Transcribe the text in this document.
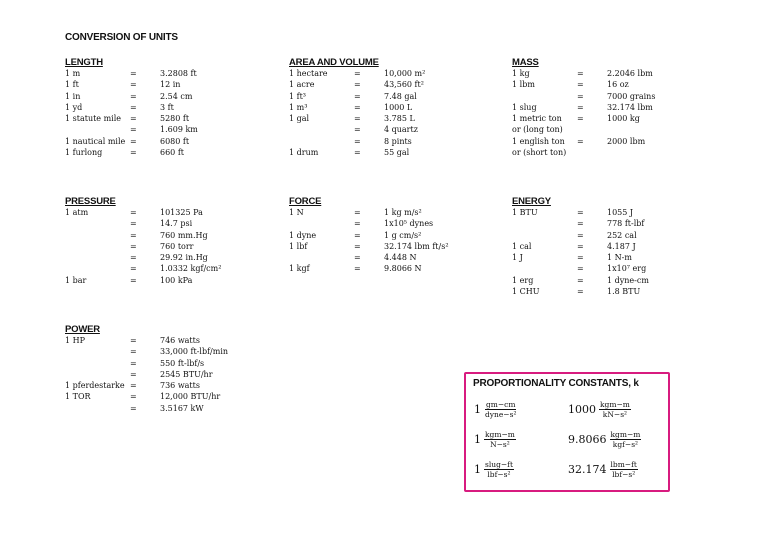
CONVERSION OF UNITS
LENGTH
1 m	=	3.2808 ft
1 ft	=	12 in
1 in	=	2.54 cm
1 yd	=	3 ft
1 statute mile	=	5280 ft
=	1.609 km
1 nautical mile =	6080 ft
1 furlong	=	660 ft
AREA AND VOLUME
1 hectare	=	10,000 m²
1 acre	=	43,560 ft²
1 ft³	=	7.48 gal
1 m³	=	1000 L
1 gal	=	3.785 L
=	4 quartz
=	8 pints
1 drum	=	55 gal
MASS
1 kg	=	2.2046 lbm
1 lbm	=	16 oz
=	7000 grains
1 slug	=	32.174 lbm
1 metric ton	=	1000 kg
or (long ton)
1 english ton	=	2000 lbm
or (short ton)
PRESSURE
1 atm	=	101325 Pa
=	14.7 psi
=	760 mm.Hg
=	760 torr
=	29.92 in.Hg
=	1.0332 kgf/cm²
1 bar	=	100 kPa
FORCE
1 N	=	1 kg m/s²
=	1x10⁵ dynes
1 dyne	=	1 g cm/s²
1 lbf	=	32.174 lbm ft/s²
=	4.448 N
1 kgf	=	9.8066 N
ENERGY
1 BTU	=	1055 J
=	778 ft-lbf
=	252 cal
1 cal	=	4.187 J
1 J	=	1 N-m
=	1x10⁷ erg
1 erg	=	1 dyne-cm
1 CHU	=	1.8 BTU
POWER
1 HP	=	746 watts
=	33,000 ft-lbf/min
=	550 ft-lbf/s
=	2545 BTU/hr
1 pferdestarke =	736 watts
1 TOR	=	12,000 BTU/hr
=	3.5167 kW
PROPORTIONALITY CONSTANTS, k
$1 \frac{gm-cm}{\text{dyne−s²}}$	$1000 \frac{\text{kgm−m}}{\text{kN−s²}}$
$1 \frac{\text{kgm−m}}{\text{N−s²}}$	$9.8066 \frac{\text{kgm−m}}{\text{kgf−s²}}$
$1 \frac{\text{slug−ft}}{\text{lbf−s²}}$	$32.174 \frac{\text{lbm−ft}}{\text{lbf−s²}}$
